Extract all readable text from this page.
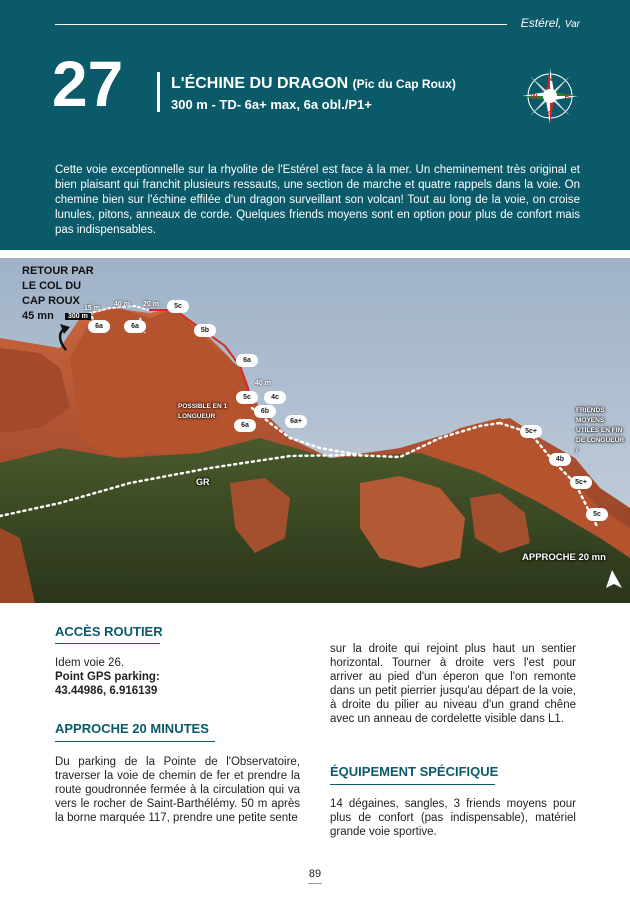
Estérel, Var
27	L'ÉCHINE DU DRAGON (Pic du Cap Roux)
300 m - TD- 6a+ max, 6a obl./P1+
N
E
S
W
Cette voie exceptionnelle sur la rhyolite de l'Estérel est face à la mer. Un cheminement très original et bien plaisant qui franchit plusieurs ressauts, une section de marche et quatre rappels dans la voie. On chemine bien sur l'échine effilée d'un dragon surveillant son volcan! Tout au long de la voie, on croise lunules, pitons, anneaux de corde. Quelques friends moyens sont en option pour plus de confort mais pas indispensables.
RETOUR PAR LE COL DU CAP ROUX
45 mn	300 m
15 m
40 m 20 m
40 m
6a	6a
5c
5b
6a
5c	4c
6b
6a
6a+
5c+
4b
5c+
5c
POSSIBLE EN 1 LONGUEUR
FRIENDS MOYENS UTILES EN FIN DE LONGUEUR
/
GR
APPROCHE 20 mn
ACCÈS ROUTIER
Idem voie 26.
Point GPS parking:
43.44986, 6.916139
APPROCHE 20 MINUTES
Du parking de la Pointe de l'Observatoire, traverser la voie de chemin de fer et prendre la route goudronnée fermée à la circulation qui va vers le rocher de Saint-Barthélémy. 50 m après la borne marquée 117, prendre une petite sente
sur la droite qui rejoint plus haut un sentier horizontal. Tourner à droite vers l'est pour arriver au pied d'un éperon que l'on remonte dans un petit pierrier jusqu'au départ de la voie, à droite du pilier au niveau d'un grand chêne avec un anneau de cordelette visible dans L1.
ÉQUIPEMENT SPÉCIFIQUE
14 dégaines, sangles, 3 friends moyens pour plus de confort (pas indispensable), matériel grande voie sportive.
89
